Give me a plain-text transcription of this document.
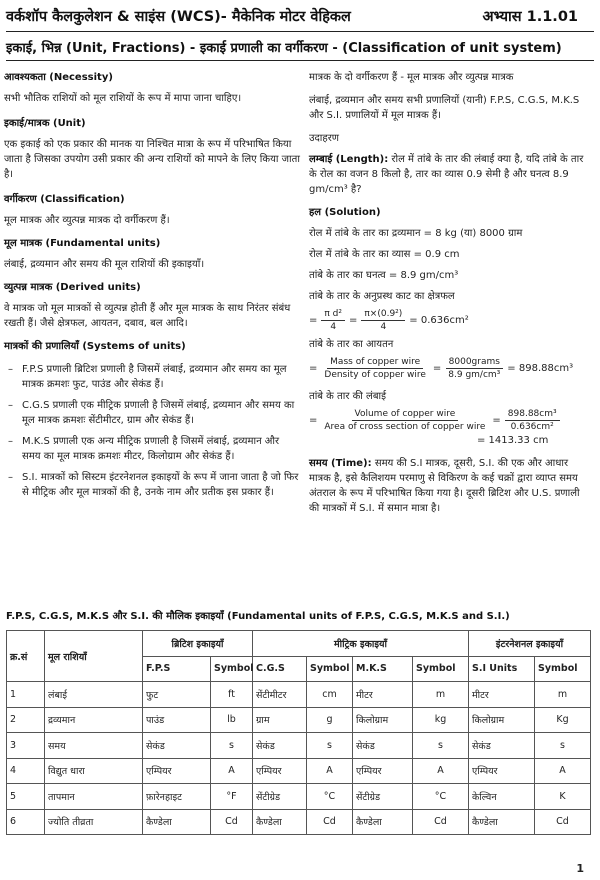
वर्कशॉप कैलकुलेशन & साइंस (WCS)- मैकेनिक मोटर वेहिकल	अभ्यास 1.1.01
इकाई, भिन्न (Unit, Fractions) - इकाई प्रणाली का वर्गीकरण - (Classification of unit system)

आवश्यकता (Necessity)

सभी भौतिक राशियों को मूल राशियों के रूप में मापा जाना चाहिए।

इकाई/मात्रक (Unit)

एक इकाई को एक प्रकार की मानक या निश्चित मात्रा के रूप में परिभाषित किया जाता है जिसका उपयोग उसी प्रकार की अन्य राशियों को मापने के लिए किया जाता है।

वर्गीकरण (Classification)

मूल मात्रक और व्युत्पन्न मात्रक दो वर्गीकरण हैं।

मूल मात्रक (Fundamental units)

लंबाई, द्रव्यमान और समय की मूल राशियों की इकाइयाँ।

व्युत्पन्न मात्रक (Derived units)

वे मात्रक जो मूल मात्रकों से व्युत्पन्न होती हैं और मूल मात्रक के साथ निरंतर संबंध रखती हैं। जैसे क्षेत्रफल, आयतन, दबाव, बल आदि।

मात्रकों की प्रणालियाँ (Systems of units)

– F.P.S प्रणाली ब्रिटिश प्रणाली है जिसमें लंबाई, द्रव्यमान और समय का मूल मात्रक क्रमशः फुट, पाउंड और सेकंड हैं।
– C.G.S प्रणाली एक मीट्रिक प्रणाली है जिसमें लंबाई, द्रव्यमान और समय का मूल मात्रक क्रमशः सेंटीमीटर, ग्राम और सेकंड हैं।
– M.K.S प्रणाली एक अन्य मीट्रिक प्रणाली है जिसमें लंबाई, द्रव्यमान और समय का मूल मात्रक क्रमशः मीटर, किलोग्राम और सेकंड हैं।
– S.I. मात्रकों को सिस्टम इंटरनेशनल इकाइयों के रूप में जाना जाता है जो फिर से मीट्रिक और मूल मात्रकों की है, उनके नाम और प्रतीक इस प्रकार हैं।

मात्रक के दो वर्गीकरण हैं - मूल मात्रक और व्युत्पन्न मात्रक

लंबाई, द्रव्यमान और समय सभी प्रणालियों (यानी) F.P.S, C.G.S, M.K.S और S.I. प्रणालियों में मूल मात्रक हैं।

उदाहरण

लम्बाई (Length): रोल में तांबे के तार की लंबाई क्या है, यदि तांबे के तार के रोल का वजन 8 किलो है, तार का व्यास 0.9 सेमी है और घनत्व 8.9 gm/cm³ है?

हल (Solution)

रोल में तांबे के तार का द्रव्यमान = 8 kg (या) 8000 ग्राम

रोल में तांबे के तार का व्यास = 0.9 cm

तांबे के तार का घनत्व = 8.9 gm/cm³

तांबे के तार के अनुप्रस्थ काट का क्षेत्रफल

= $\frac{\text{π d²}}{4} = \frac{\text{π×(0.9²)}}{4} = 0.636cm^2$

तांबे के तार का आयतन

= $\frac{\text{Mass of copper wire}}{\text{Density of copper wire}} = \frac{\text{8000grams}}{\text{8.9 gm/cm³}} = 898.88cm^3$

तांबे के तार की लंबाई

= $\frac{\text{Volume of copper wire}}{\text{Area of cross section of copper wire}} = \frac{\text{898.88cm³}}{\text{0.636cm²}}$

= 1413.33 cm

समय (Time): समय की S.I मात्रक, दूसरी, S.I. की एक और आधार मात्रक है, इसे कैलिशयम परमाणु से विकिरण के कई चक्रों द्वारा व्याप्त समय अंतराल के रूप में परिभाषित किया गया है। दूसरी ब्रिटिश और U.S. प्रणाली की मात्रकों में S.I. में समान मात्रा है।

F.P.S, C.G.S, M.K.S और S.I. की मौलिक इकाइयाँ (Fundamental units of F.P.S, C.G.S, M.K.S and S.I.)
क्र.सं	मूल राशियाँ	ब्रिटिश इकाइयाँ		मीट्रिक इकाइयाँ				इंटरनेशनल इकाइयाँ	
		F.P.S	Symbol	C.G.S	Symbol	M.K.S	Symbol	S.I Units	Symbol
1	लंबाई	फुट	ft	सेंटीमीटर	cm	मीटर	m	मीटर	m
2	द्रव्यमान	पाउंड	lb	ग्राम	g	किलोग्राम	kg	किलोग्राम	Kg
3	समय	सेकंड	s	सेकंड	s	सेकंड	s	सेकंड	s
4	विद्युत धारा	एम्पियर	A	एम्पियर	A	एम्पियर	A	एम्पियर	A
5	तापमान	फ़ारेनहाइट	°F	सेंटीग्रेड	°C	सेंटीग्रेड	°C	केल्विन	K
6	ज्योति तीव्रता	कैण्डेला	Cd	कैण्डेला	Cd	कैण्डेला	Cd	कैण्डेला	Cd
1
